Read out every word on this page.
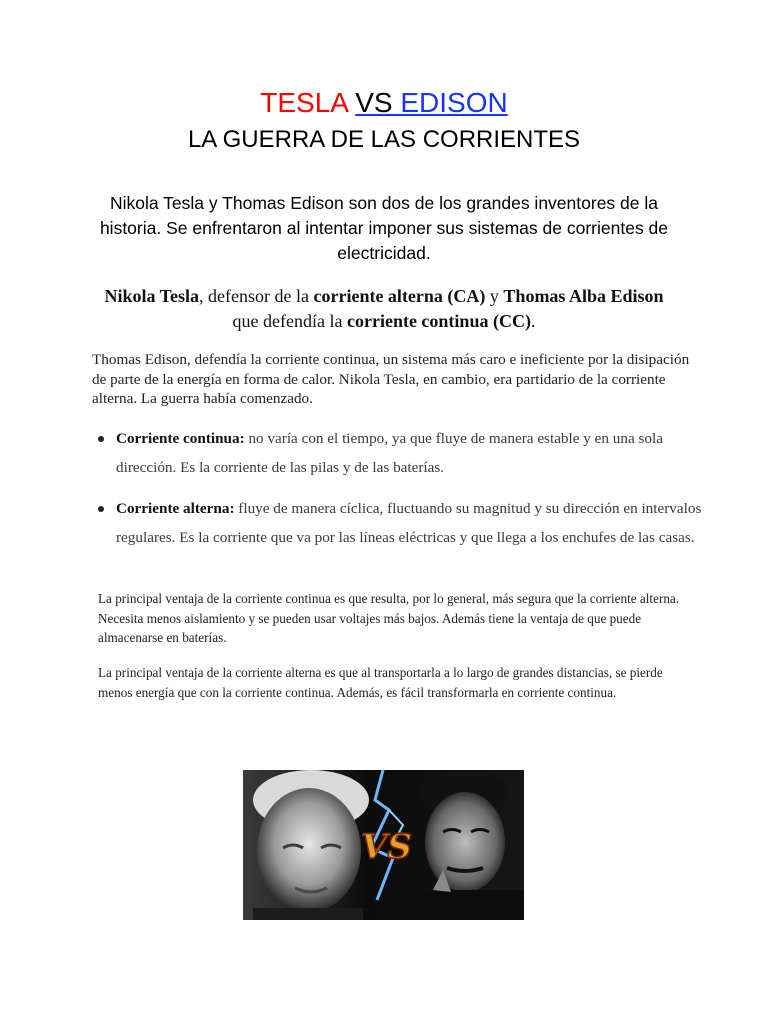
TESLA VS EDISON
LA GUERRA DE LAS CORRIENTES
Nikola Tesla y Thomas Edison son dos de los grandes inventores de la historia. Se enfrentaron al intentar imponer sus sistemas de corrientes de electricidad.
Nikola Tesla, defensor de la corriente alterna (CA) y Thomas Alba Edison que defendía la corriente continua (CC).
Thomas Edison, defendía la corriente continua, un sistema más caro e ineficiente por la disipación de parte de la energía en forma de calor. Nikola Tesla, en cambio, era partidario de la corriente alterna. La guerra había comenzado.
Corriente continua: no varía con el tiempo, ya que fluye de manera estable y en una sola dirección. Es la corriente de las pilas y de las baterías.
Corriente alterna: fluye de manera cíclica, fluctuando su magnitud y su dirección en intervalos regulares. Es la corriente que va por las líneas eléctricas y que llega a los enchufes de las casas.
La principal ventaja de la corriente continua es que resulta, por lo general, más segura que la corriente alterna. Necesita menos aislamiento y se pueden usar voltajes más bajos. Además tiene la ventaja de que puede almacenarse en baterías.
La principal ventaja de la corriente alterna es que al transportarla a lo largo de grandes distancias, se pierde menos energía que con la corriente continua. Además, es fácil transformarla en corriente continua.
VS
